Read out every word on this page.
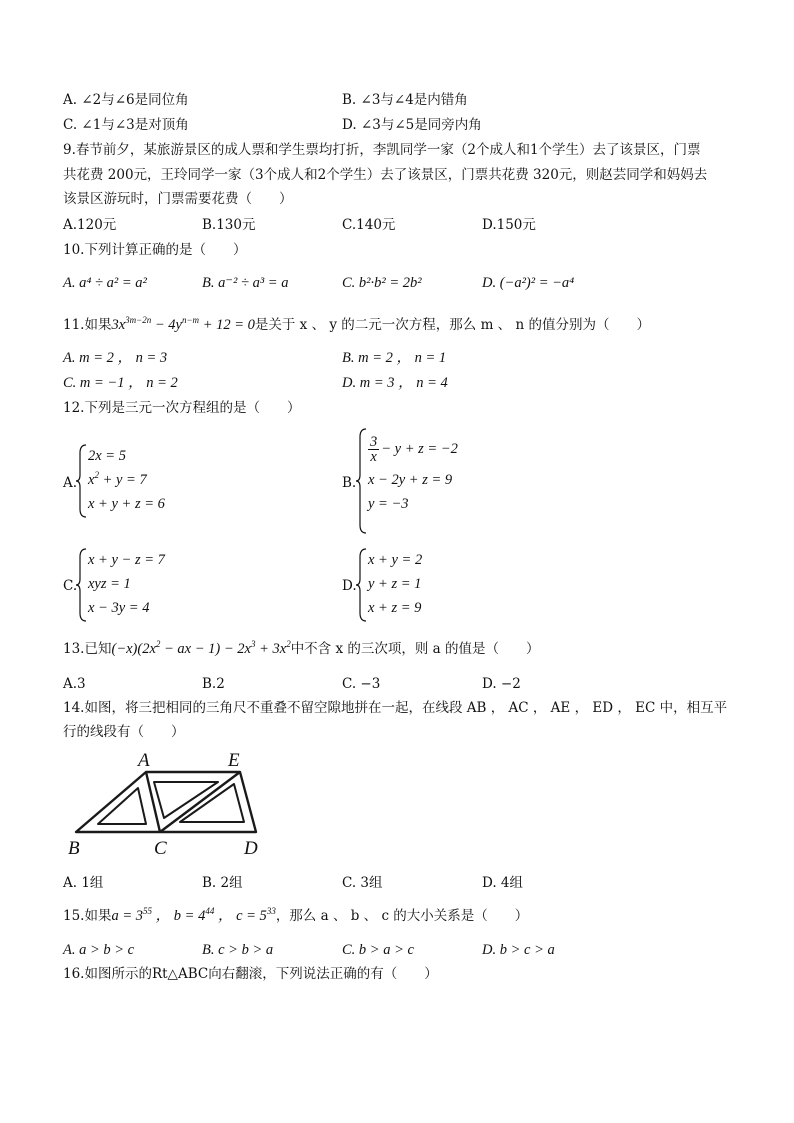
A. ∠2与∠6是同位角	B. ∠3与∠4是内错角
C. ∠1与∠3是对顶角	D. ∠3与∠5是同旁内角
9.春节前夕，某旅游景区的成人票和学生票均打折，李凯同学一家（2个成人和1个学生）去了该景区，门票
共花费 200元，王玲同学一家（3个成人和2个学生）去了该景区，门票共花费 320元，则赵芸同学和妈妈去
该景区游玩时，门票需要花费（　　）
A.120元	B.130元	C.140元	D.150元
10.下列计算正确的是（　　）
A. a⁴ ÷ a² = a²	B. a⁻² ÷ a³ = a	C. b²·b² = 2b²	D. (−a²)² = −a⁴
11.如果$3x^{3m-2n} - 4y^{n-m} + 12 = 0$是关于 x 、 y 的二元一次方程，那么 m 、 n 的值分别为（　　）
A. m = 2 ， n = 3	B. m = 2 ， n = 1
C. m = −1 ， n = 2	D. m = 3 ， n = 4
12.下列是三元一次方程组的是（　　）
A.
2x = 5
$x^2 + y = 7$
x + y + z = 6
B.
$\frac{3}{x} - y + z = -2$
x − 2y + z = 9
y = −3
C.
x + y − z = 7
xyz = 1
x − 3y = 4
D.
x + y = 2
y + z = 1
x + z = 9
13.已知$(-x)(2x^2$ − ax − $1) - 2x^3 + 3x^2$中不含 x 的三次项，则 a 的值是（　　）
A.3	B.2	C. −3	D. −2
14.如图，将三把相同的三角尺不重叠不留空隙地拼在一起，在线段 AB ， AC ， AE ， ED ， EC 中，相互平
行的线段有（　　）
A	E
B	C	D
A. 1组	B. 2组	C. 3组	D. 4组
15.如果$a = 3^{55}$ ， $b = 4^{44}$ ， $c = 5^{33}$，那么 a 、 b 、 c 的大小关系是（　　）
A. a > b > c	B. c > b > a	C. b > a > c	D. b > c > a
16.如图所示的Rt△ABC向右翻滚，下列说法正确的有（　　）
